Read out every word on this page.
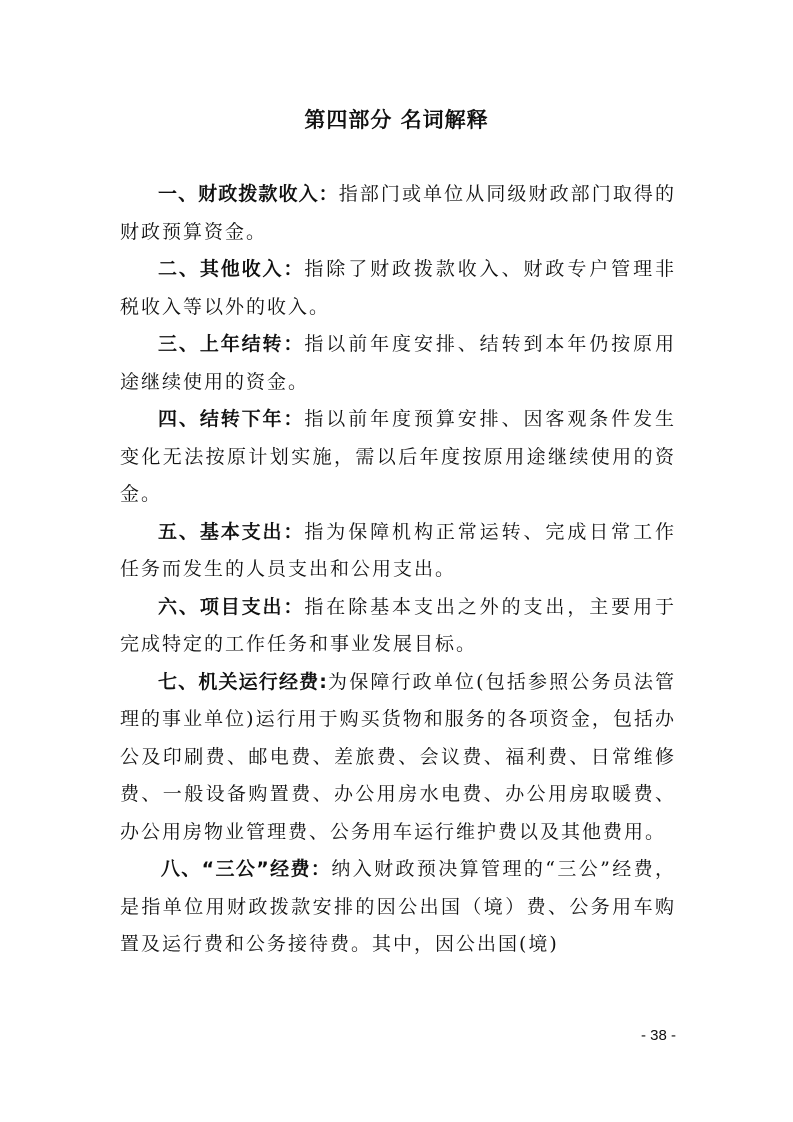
第四部分 名词解释

一、财政拨款收入：指部门或单位从同级财政部门取得的财政预算资金。

二、其他收入：指除了财政拨款收入、财政专户管理非税收入等以外的收入。

三、上年结转：指以前年度安排、结转到本年仍按原用途继续使用的资金。

四、结转下年：指以前年度预算安排、因客观条件发生变化无法按原计划实施，需以后年度按原用途继续使用的资金。

五、基本支出：指为保障机构正常运转、完成日常工作任务而发生的人员支出和公用支出。

六、项目支出：指在除基本支出之外的支出，主要用于完成特定的工作任务和事业发展目标。

七、机关运行经费:为保障行政单位(包括参照公务员法管理的事业单位)运行用于购买货物和服务的各项资金，包括办公及印刷费、邮电费、差旅费、会议费、福利费、日常维修费、一般设备购置费、办公用房水电费、办公用房取暖费、办公用房物业管理费、公务用车运行维护费以及其他费用。

八、“三公”经费：纳入财政预决算管理的“三公”经费，是指单位用财政拨款安排的因公出国（境）费、公务用车购置及运行费和公务接待费。其中，因公出国(境)

- 38 -
